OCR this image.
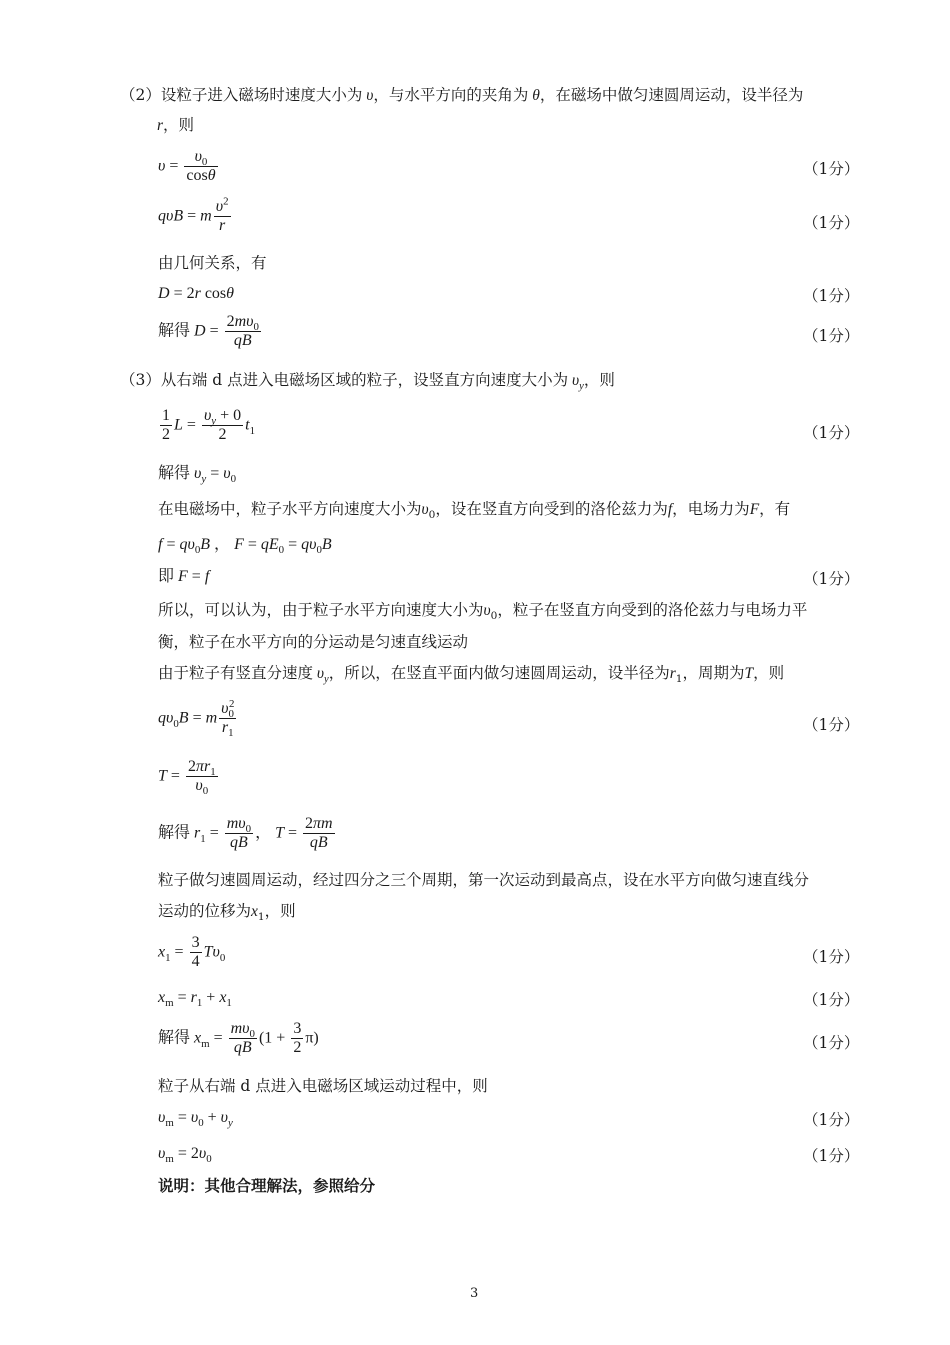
（2）设粒子进入磁场时速度大小为 υ，与水平方向的夹角为 θ，在磁场中做匀速圆周运动，设半径为
r，则
$\upsilon = \frac{\upsilon_0}{\cos\theta}$	（1分）
qυB = m $\frac{\upsilon^2}{r}$	（1分）
由几何关系，有
D = 2r cosθ	（1分）
解得 $D = \frac{2m\upsilon_0}{qB}$	（1分）
（3）从右端 d 点进入电磁场区域的粒子，设竖直方向速度大小为 $\upsilon_y$，则
$\frac{1}{2}$ $L = \frac{\upsilon_y + 0}{2} t_1$	（1分）
解得 $\upsilon_y = \upsilon_0$
在电磁场中，粒子水平方向速度大小为$\upsilon_0$，设在竖直方向受到的洛伦兹力为f，电场力为F，有
$f = q\upsilon_0B$ ， $F = qE_0 = q\upsilon_0B$
即 F = f	（1分）
所以，可以认为，由于粒子水平方向速度大小为$\upsilon_0$，粒子在竖直方向受到的洛伦兹力与电场力平
衡，粒子在水平方向的分运动是匀速直线运动
由于粒子有竖直分速度 $\upsilon_y$，所以，在竖直平面内做匀速圆周运动，设半径为$r_1$，周期为T，则
$q\upsilon_0B = m \frac{\upsilon_0^2}{r_1}$	（1分）
$T = \frac{2\pi r_1}{\upsilon_0}$
解得 $r_1 = \frac{m\upsilon_0}{qB}$ ， $T = \frac{2\pi m}{qB}$
粒子做匀速圆周运动，经过四分之三个周期，第一次运动到最高点，设在水平方向做匀速直线分
运动的位移为$x_1$，则
$x_1 = \frac{3}{4} T\upsilon_0$	（1分）
$x_m = r_1 + x_1$	（1分）
解得 $x_m = \frac{m\upsilon_0}{qB} (1 + \frac{3}{2} \pi)$	（1分）
粒子从右端 d 点进入电磁场区域运动过程中，则
$\upsilon_m = \upsilon_0 + \upsilon_y$	（1分）
$\upsilon_m = 2\upsilon_0$	（1分）
说明：其他合理解法，参照给分
3
